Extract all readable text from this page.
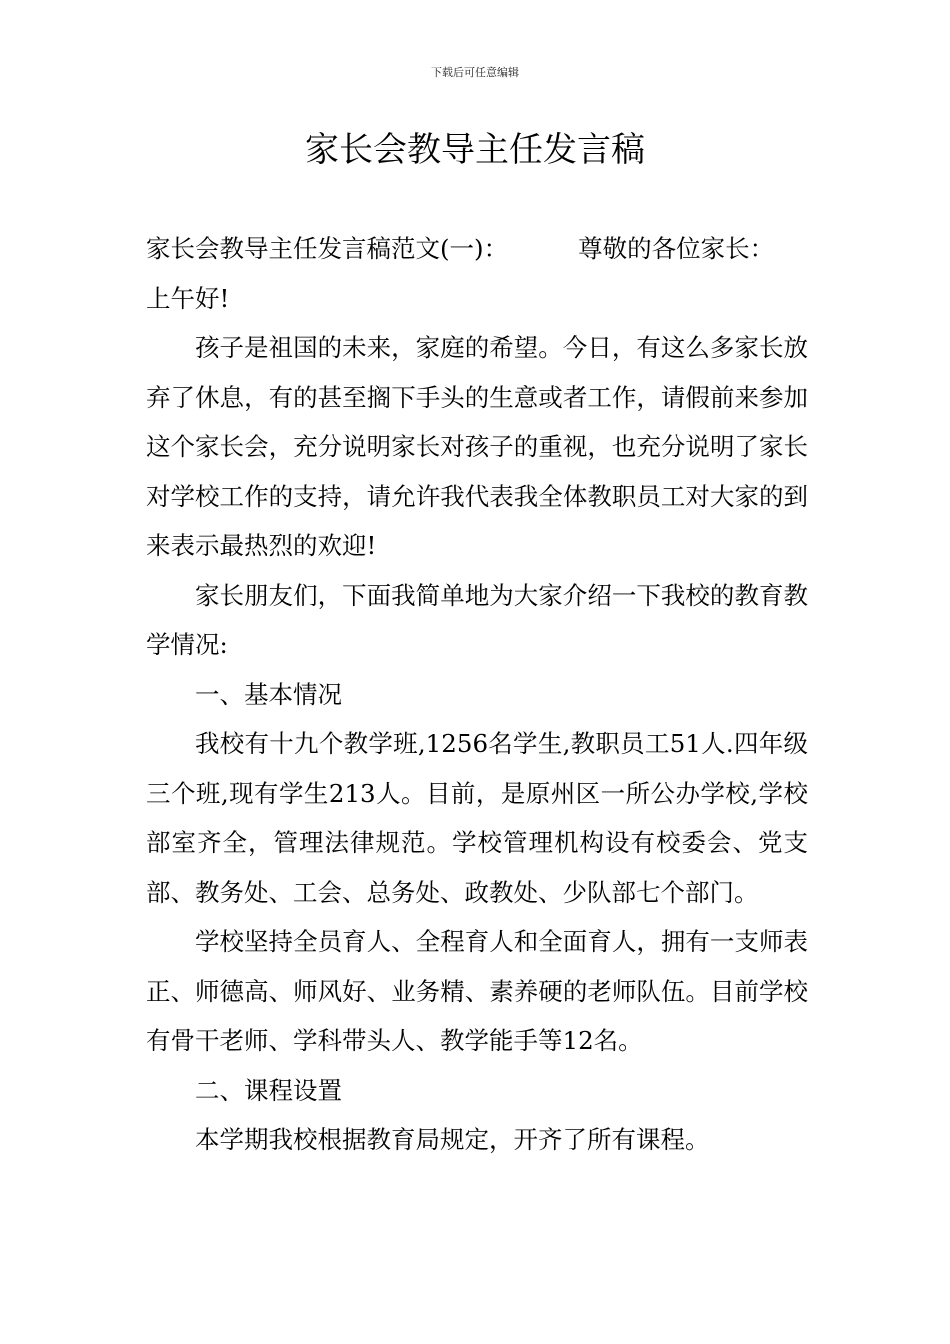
下载后可任意编辑
家长会教导主任发言稿

家长会教导主任发言稿范文(一)：	尊敬的各位家长：

上午好!

孩子是祖国的未来，家庭的希望。今日，有这么多家长放弃了休息，有的甚至搁下手头的生意或者工作，请假前来参加这个家长会，充分说明家长对孩子的重视，也充分说明了家长对学校工作的支持，请允许我代表我全体教职员工对大家的到来表示最热烈的欢迎!

家长朋友们，下面我简单地为大家介绍一下我校的教育教学情况:

一、基本情况

我校有十九个教学班,1256名学生,教职员工51人.四年级三个班,现有学生213人。目前，是原州区一所公办学校,学校部室齐全，管理法律规范。学校管理机构设有校委会、党支部、教务处、工会、总务处、政教处、少队部七个部门。

学校坚持全员育人、全程育人和全面育人，拥有一支师表正、师德高、师风好、业务精、素养硬的老师队伍。目前学校有骨干老师、学科带头人、教学能手等12名。

二、课程设置

本学期我校根据教育局规定，开齐了所有课程。
